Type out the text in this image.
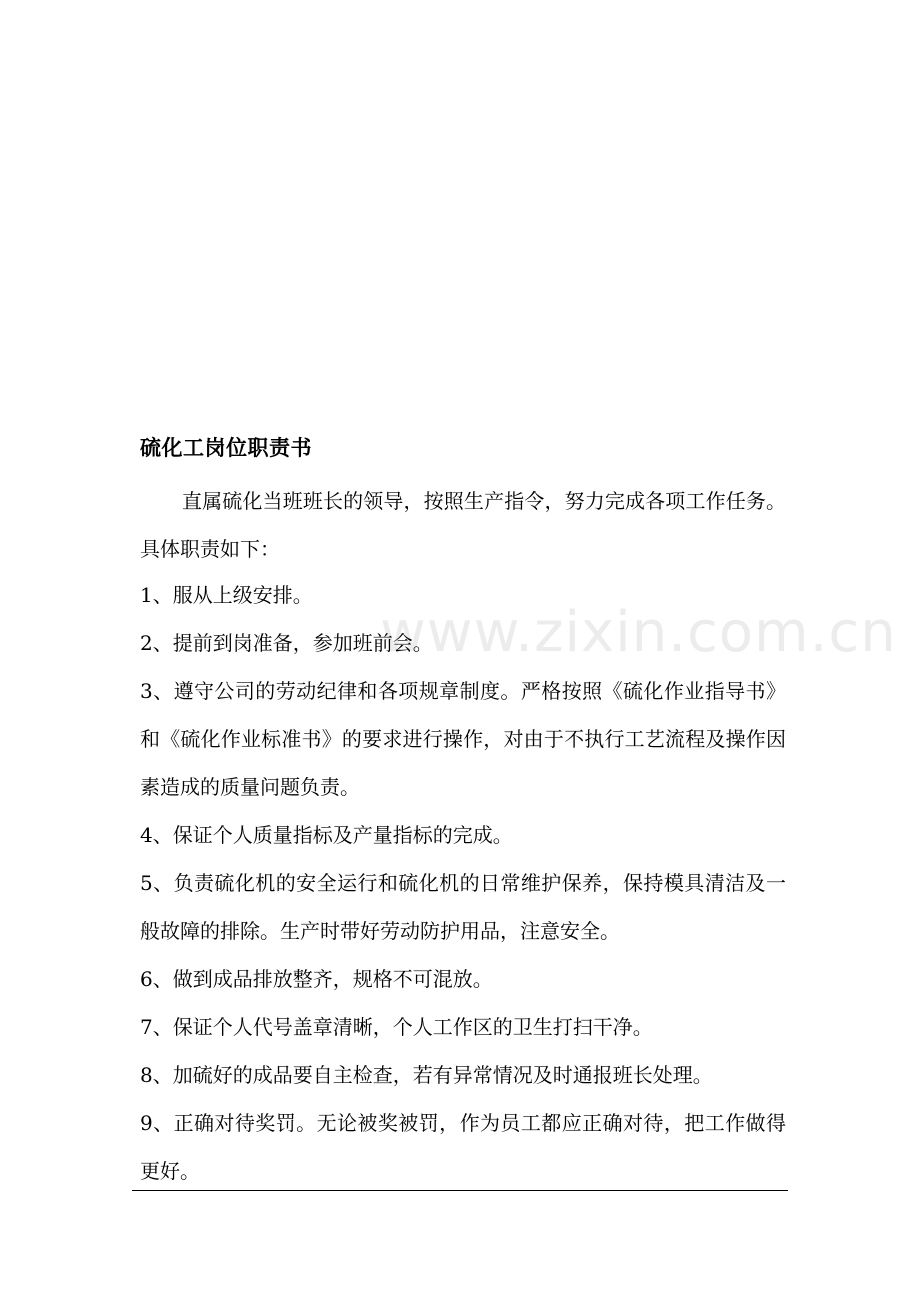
www.zixin.com.cn
硫化工岗位职责书
直属硫化当班班长的领导，按照生产指令，努力完成各项工作任务。具体职责如下：
1、服从上级安排。
2、提前到岗准备，参加班前会。
3、遵守公司的劳动纪律和各项规章制度。严格按照《硫化作业指导书》和《硫化作业标准书》的要求进行操作，对由于不执行工艺流程及操作因素造成的质量问题负责。
4、保证个人质量指标及产量指标的完成。
5、负责硫化机的安全运行和硫化机的日常维护保养，保持模具清洁及一般故障的排除。生产时带好劳动防护用品，注意安全。
6、做到成品排放整齐，规格不可混放。
7、保证个人代号盖章清晰，个人工作区的卫生打扫干净。
8、加硫好的成品要自主检查，若有异常情况及时通报班长处理。
9、正确对待奖罚。无论被奖被罚，作为员工都应正确对待，把工作做得更好。
